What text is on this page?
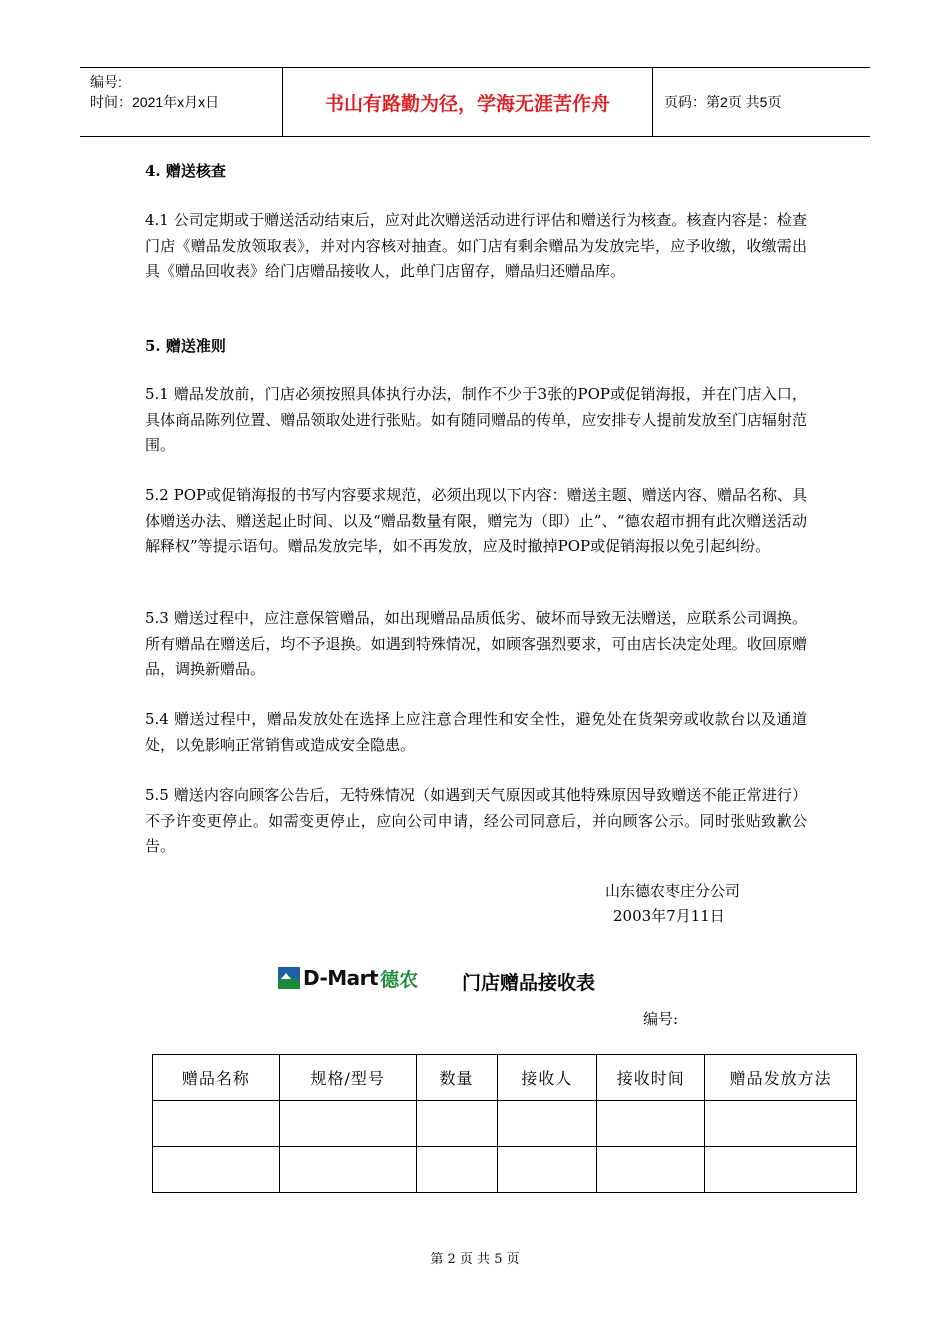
编号:
时间：2021年x月x日	书山有路勤为径，学海无涯苦作舟	页码：第2页 共5页
4. 赠送核查
4.1 公司定期或于赠送活动结束后，应对此次赠送活动进行评估和赠送行为核查。核查内容是：检查门店《赠品发放领取表》，并对内容核对抽查。如门店有剩余赠品为发放完毕，应予收缴，收缴需出具《赠品回收表》给门店赠品接收人，此单门店留存，赠品归还赠品库。
5. 赠送准则
5.1 赠品发放前，门店必须按照具体执行办法，制作不少于3张的POP或促销海报，并在门店入口，具体商品陈列位置、赠品领取处进行张贴。如有随同赠品的传单，应安排专人提前发放至门店辐射范围。
5.2 POP或促销海报的书写内容要求规范，必须出现以下内容：赠送主题、赠送内容、赠品名称、具体赠送办法、赠送起止时间、以及“赠品数量有限，赠完为（即）止”、“德农超市拥有此次赠送活动解释权”等提示语句。赠品发放完毕，如不再发放，应及时撤掉POP或促销海报以免引起纠纷。
5.3 赠送过程中，应注意保管赠品，如出现赠品品质低劣、破坏而导致无法赠送，应联系公司调换。所有赠品在赠送后，均不予退换。如遇到特殊情况，如顾客强烈要求，可由店长决定处理。收回原赠品，调换新赠品。
5.4 赠送过程中，赠品发放处在选择上应注意合理性和安全性，避免处在货架旁或收款台以及通道处，以免影响正常销售或造成安全隐患。
5.5 赠送内容向顾客公告后，无特殊情况（如遇到天气原因或其他特殊原因导致赠送不能正常进行）不予许变更停止。如需变更停止，应向公司申请，经公司同意后，并向顾客公示。同时张贴致歉公告。
山东德农枣庄分公司
2003年7月11日
D-Mart 德农 门店赠品接收表
编号:
赠品名称	规格/型号	数量	接收人	接收时间	赠品发放方法

第 2 页 共 5 页
